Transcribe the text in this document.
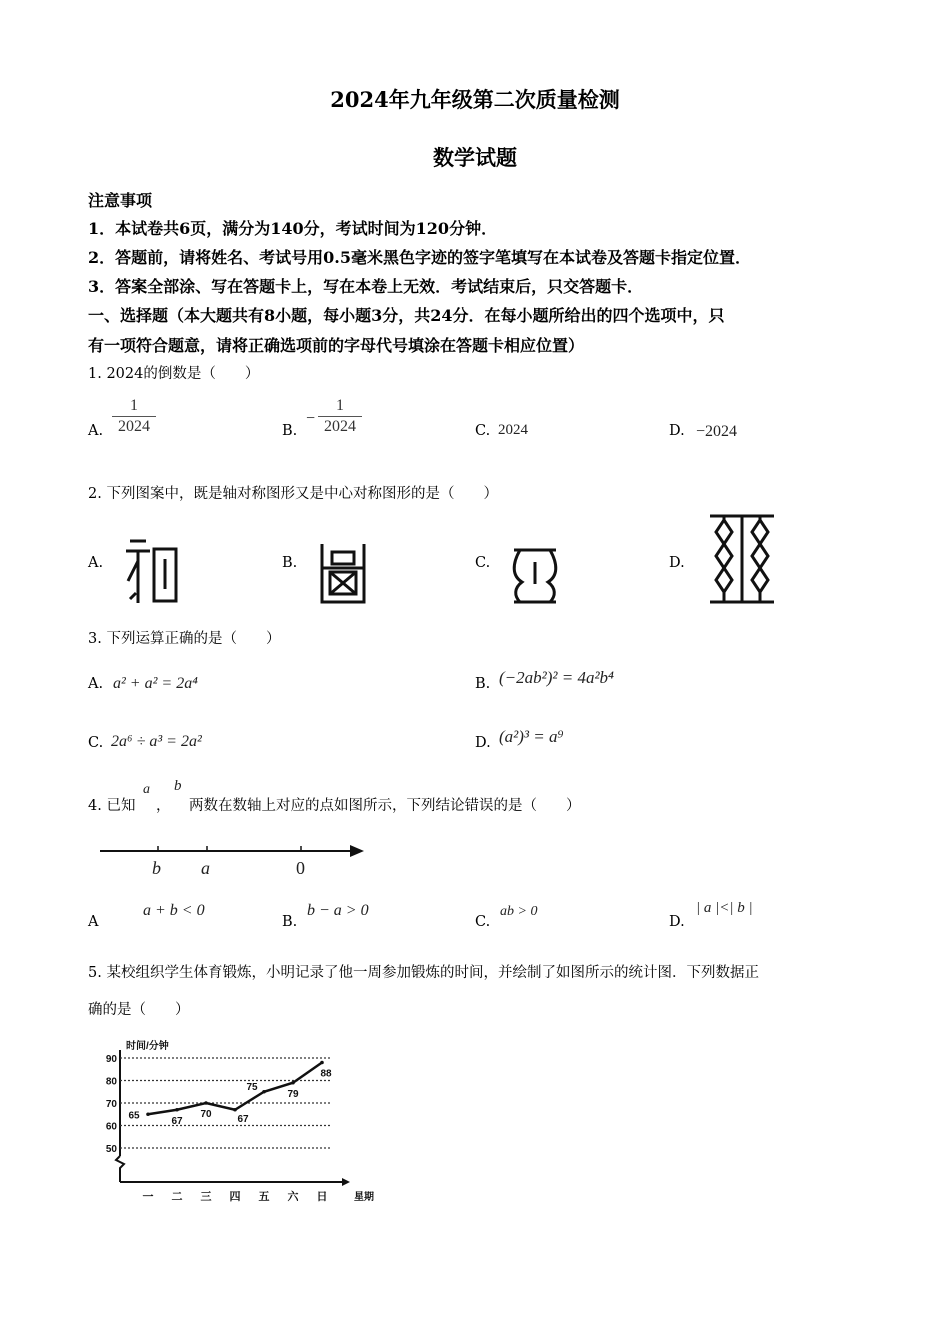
2024年九年级第二次质量检测
数学试题
注意事项
1．本试卷共6页，满分为140分，考试时间为120分钟．
2．答题前，请将姓名、考试号用0.5毫米黑色字迹的签字笔填写在本试卷及答题卡指定位置．
3．答案全部涂、写在答题卡上，写在本卷上无效．考试结束后，只交答题卡．
一、选择题（本大题共有8小题，每小题3分，共24分．在每小题所给出的四个选项中，只
有一项符合题意，请将正确选项前的字母代号填涂在答题卡相应位置）
1. 2024的倒数是（　　）
A. $\frac{1}{2024}$	B.
− $\frac{1}{2024}$	C. 2024	D. −2024
2. 下列图案中，既是轴对称图形又是中心对称图形的是（　　）
A.	B.	C.	D.
3. 下列运算正确的是（　　）
A. a² + a² = 2a⁴	B. (−2ab²)² = 4a²b⁴
C. 2a⁶ ÷ a³ = 2a²	D. (a²)³ = a⁹
4. 已知
a
，
b
两数在数轴上对应的点如图所示，下列结论错误的是（　　）
b a	0
A
a + b < 0
B.
b − a > 0
C.
ab > 0
D.
| a |<| b |
5. 某校组织学生体育锻炼，小明记录了他一周参加锻炼的时间，并绘制了如图所示的统计图．下列数据正
确的是（　　）
50
60
70
80
90
时间/分钟
星期
一 二 三 四 五 六 日
65	67
70	67
75
79
88
